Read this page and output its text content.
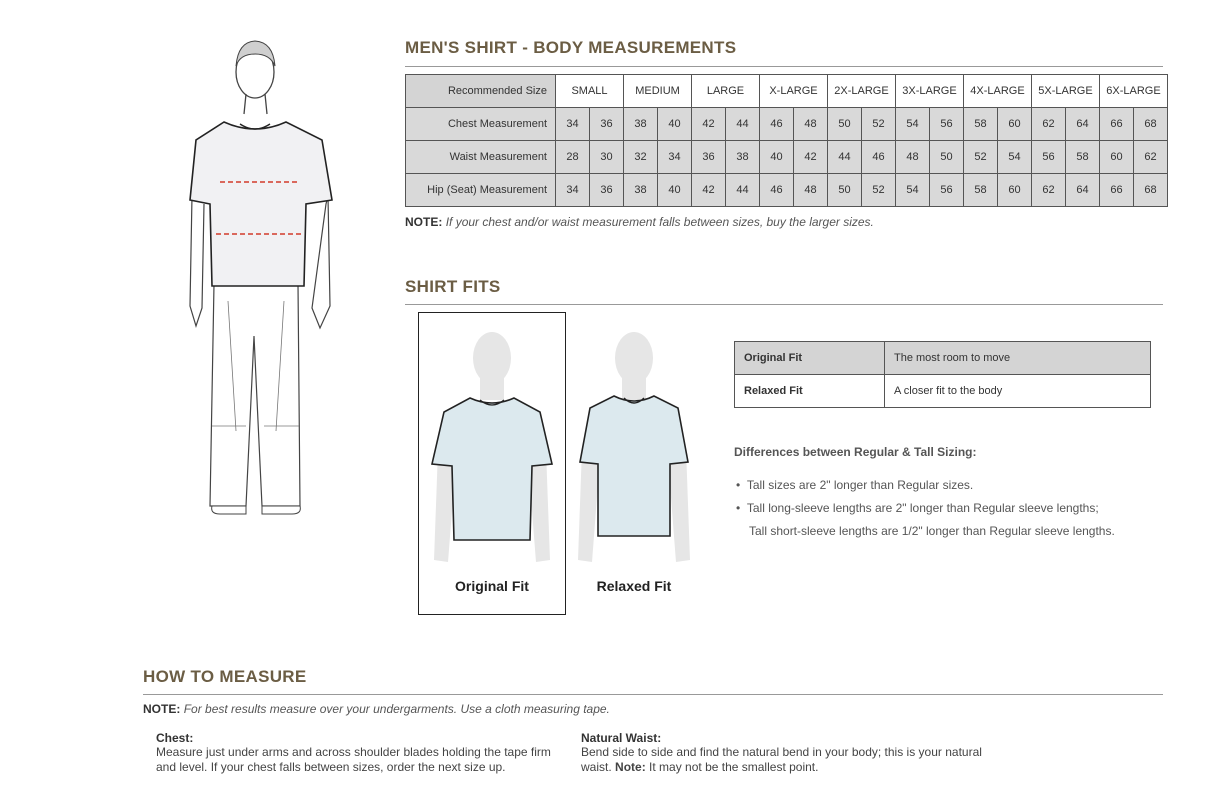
MEN'S SHIRT - BODY MEASUREMENTS
Recommended Size	SMALL		MEDIUM		LARGE		X-LARGE		2X-LARGE		3X-LARGE		4X-LARGE		5X-LARGE		6X-LARGE	
Chest Measurement	34	36	38	40	42	44	46	48	50	52	54	56	58	60	62	64	66	68
Waist Measurement	28	30	32	34	36	38	40	42	44	46	48	50	52	54	56	58	60	62
Hip (Seat) Measurement	34	36	38	40	42	44	46	48	50	52	54	56	58	60	62	64	66	68
NOTE: If your chest and/or waist measurement falls between sizes, buy the larger sizes.
SHIRT FITS
Original Fit	Relaxed Fit
Original Fit	The most room to move
Relaxed Fit	A closer fit to the body
Differences between Regular & Tall Sizing:
•  Tall sizes are 2" longer than Regular sizes.
•  Tall long-sleeve lengths are 2" longer than Regular sleeve lengths;
Tall short-sleeve lengths are 1/2" longer than Regular sleeve lengths.
HOW TO MEASURE
NOTE: For best results measure over your undergarments. Use a cloth measuring tape.
Chest:
Measure just under arms and across shoulder blades holding the tape firm
and level. If your chest falls between sizes, order the next size up.
Natural Waist:
Bend side to side and find the natural bend in your body; this is your natural
waist. Note: It may not be the smallest point.
